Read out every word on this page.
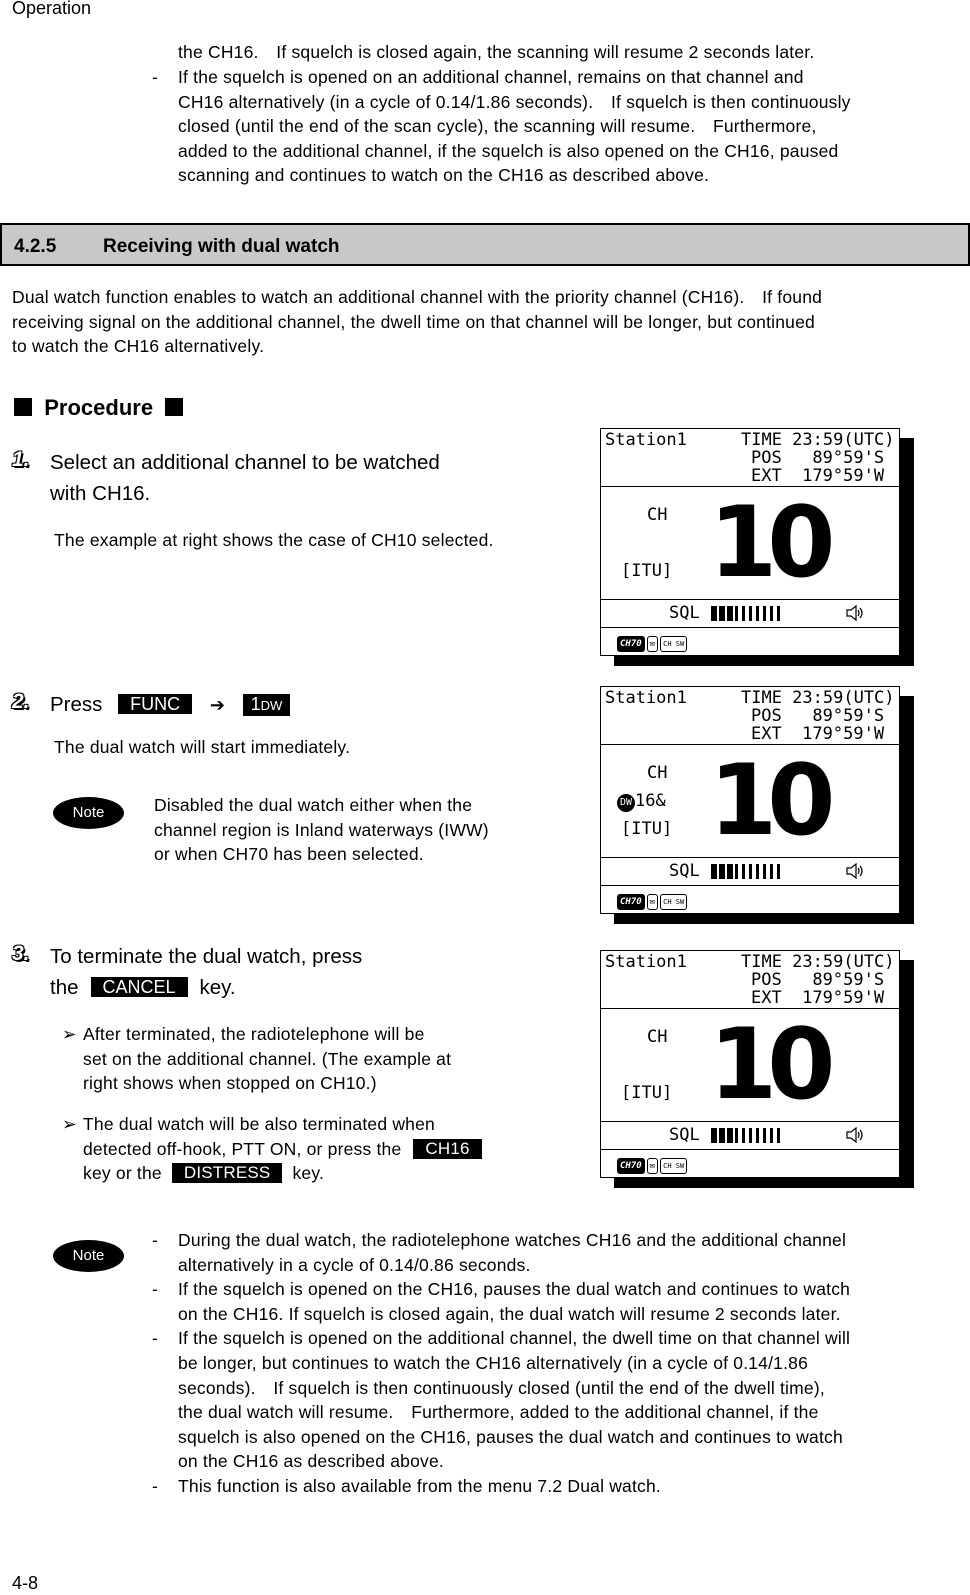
Operation
the CH16.　If squelch is closed again, the scanning will resume 2 seconds later.
- If the squelch is opened on an additional channel, remains on that channel and
CH16 alternatively (in a cycle of 0.14/1.86 seconds).　If squelch is then continuously
closed (until the end of the scan cycle), the scanning will resume.　Furthermore,
added to the additional channel, if the squelch is also opened on the CH16, paused
scanning and continues to watch on the CH16 as described above.
4.2.5 Receiving with dual watch
Dual watch function enables to watch an additional channel with the priority channel (CH16).　If found
receiving signal on the additional channel, the dwell time on that channel will be longer, but continued
to watch the CH16 alternatively.
Procedure
1. Select an additional channel to be watched
with CH16.
The example at right shows the case of CH10 selected.
2. Press FUNC ➔ 1DW
The dual watch will start immediately.
Note	Disabled the dual watch either when the
channel region is Inland waterways (IWW)
or when CH70 has been selected.
3. To terminate the dual watch, press
the CANCEL key.
➢ After terminated, the radiotelephone will be
set on the additional channel. (The example at
right shows when stopped on CH10.)
➢ The dual watch will be also terminated when
detected off-hook, PTT ON, or press the CH16
key or the DISTRESS key.
Station1	TIME 23:59(UTC)
POS   89°59'S
EXT  179°59'W
CH
[ITU] 10
SQL
CH70 ✉ CH SW
Station1	TIME 23:59(UTC)
POS   89°59'S
EXT  179°59'W
CH
DW 16&
[ITU] 10
SQL
CH70 ✉ CH SW
Station1	TIME 23:59(UTC)
POS   89°59'S
EXT  179°59'W
CH
[ITU] 10
SQL
CH70 ✉ CH SW
Note
- During the dual watch, the radiotelephone watches CH16 and the additional channel
alternatively in a cycle of 0.14/0.86 seconds.
- If the squelch is opened on the CH16, pauses the dual watch and continues to watch
on the CH16. If squelch is closed again, the dual watch will resume 2 seconds later.
- If the squelch is opened on the additional channel, the dwell time on that channel will
be longer, but continues to watch the CH16 alternatively (in a cycle of 0.14/1.86
seconds).　If squelch is then continuously closed (until the end of the dwell time),
the dual watch will resume.　Furthermore, added to the additional channel, if the
squelch is also opened on the CH16, pauses the dual watch and continues to watch
on the CH16 as described above.
- This function is also available from the menu 7.2 Dual watch.
4-8
